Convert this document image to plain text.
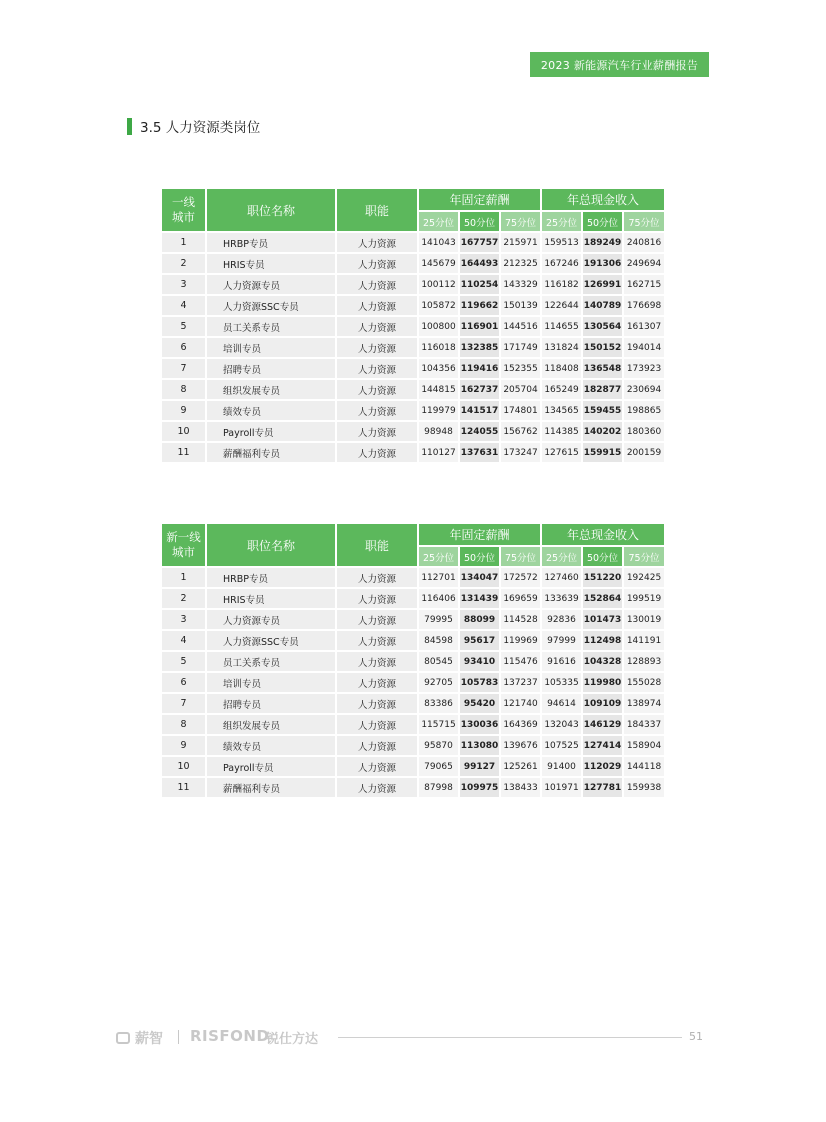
2023 新能源汽车行业薪酬报告
3.5 人力资源类岗位
一线
城市	职位名称	职能
年固定薪酬	年总现金收入
25分位	50分位	75分位	25分位	50分位	75分位
1	HRBP专员	人力资源	141043 167757 215971 159513 189249 240816
2	HRIS专员	人力资源	145679 164493 212325 167246 191306 249694
3	人力资源专员	人力资源	100112 110254 143329 116182 126991 162715
4	人力资源SSC专员	人力资源	105872 119662 150139 122644 140789 176698
5	员工关系专员	人力资源	100800 116901 144516 114655 130564 161307
6	培训专员	人力资源	116018 132385 171749 131824 150152 194014
7	招聘专员	人力资源	104356 119416 152355 118408 136548 173923
8	组织发展专员	人力资源	144815 162737 205704 165249 182877 230694
9	绩效专员	人力资源	119979 141517 174801 134565 159455 198865
10	Payroll专员	人力资源	98948 124055 156762 114385 140202 180360
11	薪酬福利专员	人力资源	110127 137631 173247 127615 159915 200159
新一线
城市	职位名称	职能
年固定薪酬	年总现金收入
25分位	50分位	75分位	25分位	50分位	75分位
1	HRBP专员	人力资源	112701 134047 172572 127460 151220 192425
2	HRIS专员	人力资源	116406 131439 169659 133639 152864 199519
3	人力资源专员	人力资源	79995	88099 114528	92836 101473 130019
4	人力资源SSC专员	人力资源	84598	95617 119969	97999 112498 141191
5	员工关系专员	人力资源	80545	93410 115476	91616 104328 128893
6	培训专员	人力资源	92705 105783 137237 105335 119980 155028
7	招聘专员	人力资源	83386	95420 121740	94614 109109 138974
8	组织发展专员	人力资源	115715 130036 164369 132043 146129 184337
9	绩效专员	人力资源	95870 113080 139676 107525 127414 158904
10	Payroll专员	人力资源	79065	99127 125261	91400 112029 144118
11	薪酬福利专员	人力资源	87998 109975 138433 101971 127781 159938
薪智 RISFOND
锐仕方达	51
